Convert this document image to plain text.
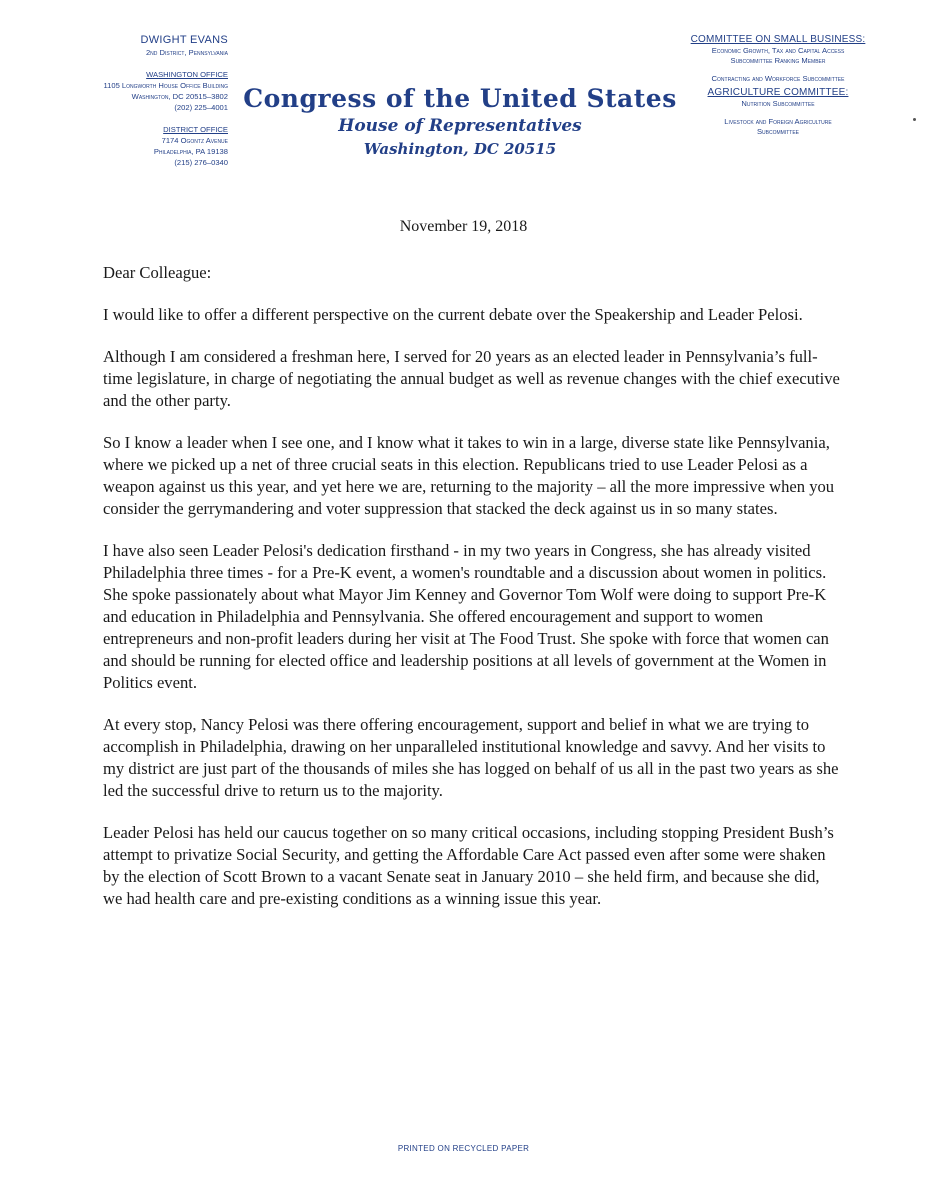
DWIGHT EVANS
2nd District, Pennsylvania
WASHINGTON OFFICE
1105 Longworth House Office Building
Washington, DC 20515–3802
(202) 225–4001
DISTRICT OFFICE
7174 Ogontz Avenue
Philadelphia, PA 19138
(215) 276–0340
Congress of the United States
House of Representatives
Washington, DC 20515
COMMITTEE ON SMALL BUSINESS:
Economic Growth, Tax and Capital Access
Subcommittee Ranking Member
Contracting and Workforce Subcommittee
AGRICULTURE COMMITTEE:
Nutrition Subcommittee
Livestock and Foreign Agriculture
Subcommittee
November 19, 2018

Dear Colleague:

I would like to offer a different perspective on the current debate over the Speakership and Leader Pelosi.

Although I am considered a freshman here, I served for 20 years as an elected leader in Pennsylvania’s full-time legislature, in charge of negotiating the annual budget as well as revenue changes with the chief executive and the other party.

So I know a leader when I see one, and I know what it takes to win in a large, diverse state like Pennsylvania, where we picked up a net of three crucial seats in this election. Republicans tried to use Leader Pelosi as a weapon against us this year, and yet here we are, returning to the majority – all the more impressive when you consider the gerrymandering and voter suppression that stacked the deck against us in so many states.

I have also seen Leader Pelosi's dedication firsthand - in my two years in Congress, she has already visited Philadelphia three times - for a Pre-K event, a women's roundtable and a discussion about women in politics. She spoke passionately about what Mayor Jim Kenney and Governor Tom Wolf were doing to support Pre-K and education in Philadelphia and Pennsylvania. She offered encouragement and support to women entrepreneurs and non-profit leaders during her visit at The Food Trust. She spoke with force that women can and should be running for elected office and leadership positions at all levels of government at the Women in Politics event.

At every stop, Nancy Pelosi was there offering encouragement, support and belief in what we are trying to accomplish in Philadelphia, drawing on her unparalleled institutional knowledge and savvy. And her visits to my district are just part of the thousands of miles she has logged on behalf of us all in the past two years as she led the successful drive to return us to the majority.

Leader Pelosi has held our caucus together on so many critical occasions, including stopping President Bush’s attempt to privatize Social Security, and getting the Affordable Care Act passed even after some were shaken by the election of Scott Brown to a vacant Senate seat in January 2010 – she held firm, and because she did, we had health care and pre-existing conditions as a winning issue this year.

PRINTED ON RECYCLED PAPER
